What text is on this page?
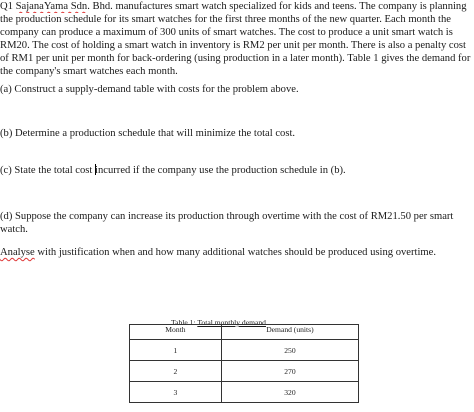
Q1 SajanaYama Sdn. Bhd. manufactures smart watch specialized for kids and teens. The company is planning
the production schedule for its smart watches for the first three months of the new quarter. Each month the
company can produce a maximum of 300 units of smart watches. The cost to produce a unit smart watch is
RM20. The cost of holding a smart watch in inventory is RM2 per unit per month. There is also a penalty cost
of RM1 per unit per month for back-ordering (using production in a later month). Table 1 gives the demand for
the company's smart watches each month.
(a) Construct a supply-demand table with costs for the problem above.
(b) Determine a production schedule that will minimize the total cost.
(c) State the total cost incurred if the company use the production schedule in (b).
(d) Suppose the company can increase its production through overtime with the cost of RM21.50 per smart
watch.
Analyse with justification when and how many additional watches should be produced using overtime.
Table 1: Total monthly demand
Month	Demand (units)
1	250
2	270
3	320
